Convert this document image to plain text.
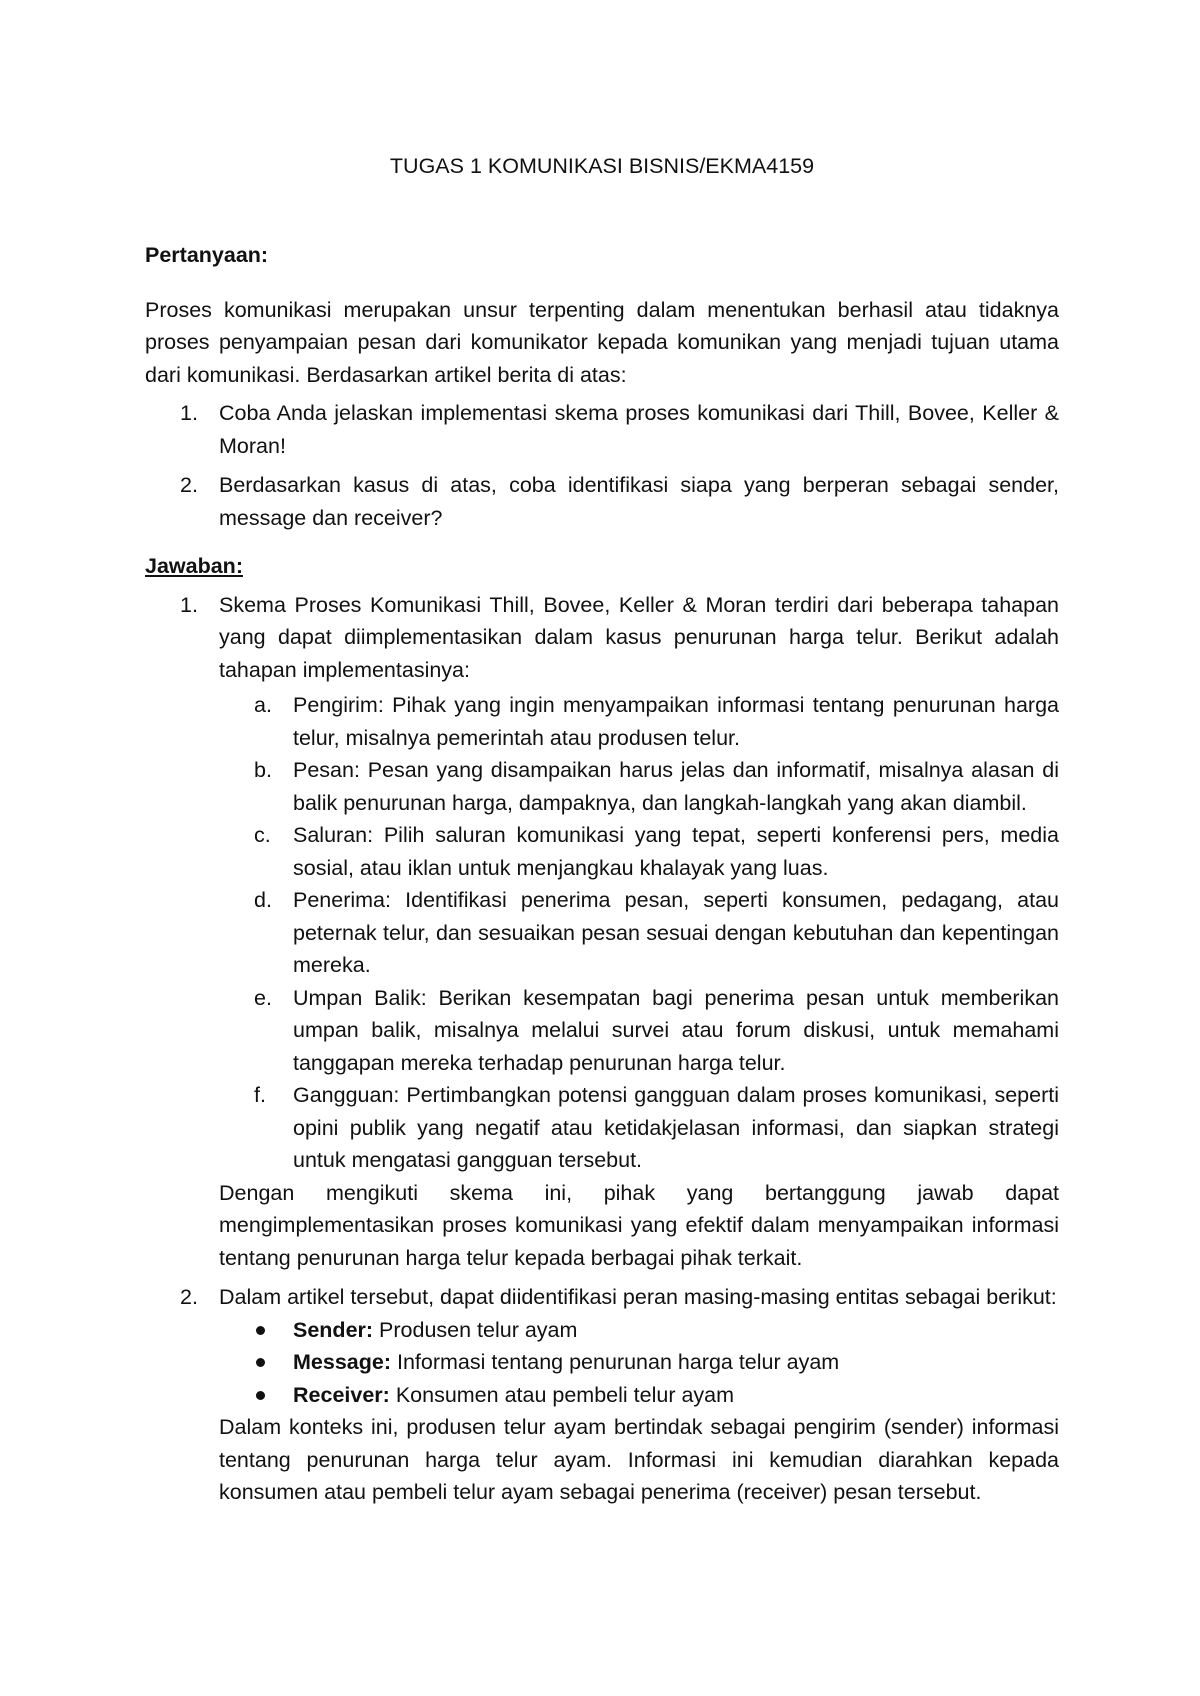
TUGAS 1 KOMUNIKASI BISNIS/EKMA4159

Pertanyaan:

Proses komunikasi merupakan unsur terpenting dalam menentukan berhasil atau tidaknya proses penyampaian pesan dari komunikator kepada komunikan yang menjadi tujuan utama dari komunikasi. Berdasarkan artikel berita di atas:

1. Coba Anda jelaskan implementasi skema proses komunikasi dari Thill, Bovee, Keller & Moran!
2. Berdasarkan kasus di atas, coba identifikasi siapa yang berperan sebagai sender, message dan receiver?

Jawaban:

1. Skema Proses Komunikasi Thill, Bovee, Keller & Moran terdiri dari beberapa tahapan yang dapat diimplementasikan dalam kasus penurunan harga telur. Berikut adalah tahapan implementasinya:
a. Pengirim: Pihak yang ingin menyampaikan informasi tentang penurunan harga telur, misalnya pemerintah atau produsen telur.
b. Pesan: Pesan yang disampaikan harus jelas dan informatif, misalnya alasan di balik penurunan harga, dampaknya, dan langkah-langkah yang akan diambil.
c. Saluran: Pilih saluran komunikasi yang tepat, seperti konferensi pers, media sosial, atau iklan untuk menjangkau khalayak yang luas.
d. Penerima: Identifikasi penerima pesan, seperti konsumen, pedagang, atau peternak telur, dan sesuaikan pesan sesuai dengan kebutuhan dan kepentingan mereka.
e. Umpan Balik: Berikan kesempatan bagi penerima pesan untuk memberikan umpan balik, misalnya melalui survei atau forum diskusi, untuk memahami tanggapan mereka terhadap penurunan harga telur.
f. Gangguan: Pertimbangkan potensi gangguan dalam proses komunikasi, seperti opini publik yang negatif atau ketidakjelasan informasi, dan siapkan strategi untuk mengatasi gangguan tersebut.
Dengan mengikuti skema ini, pihak yang bertanggung jawab dapat mengimplementasikan proses komunikasi yang efektif dalam menyampaikan informasi tentang penurunan harga telur kepada berbagai pihak terkait.
2. Dalam artikel tersebut, dapat diidentifikasi peran masing-masing entitas sebagai berikut:
Sender: Produsen telur ayam
Message: Informasi tentang penurunan harga telur ayam
Receiver: Konsumen atau pembeli telur ayam
Dalam konteks ini, produsen telur ayam bertindak sebagai pengirim (sender) informasi tentang penurunan harga telur ayam. Informasi ini kemudian diarahkan kepada konsumen atau pembeli telur ayam sebagai penerima (receiver) pesan tersebut.
